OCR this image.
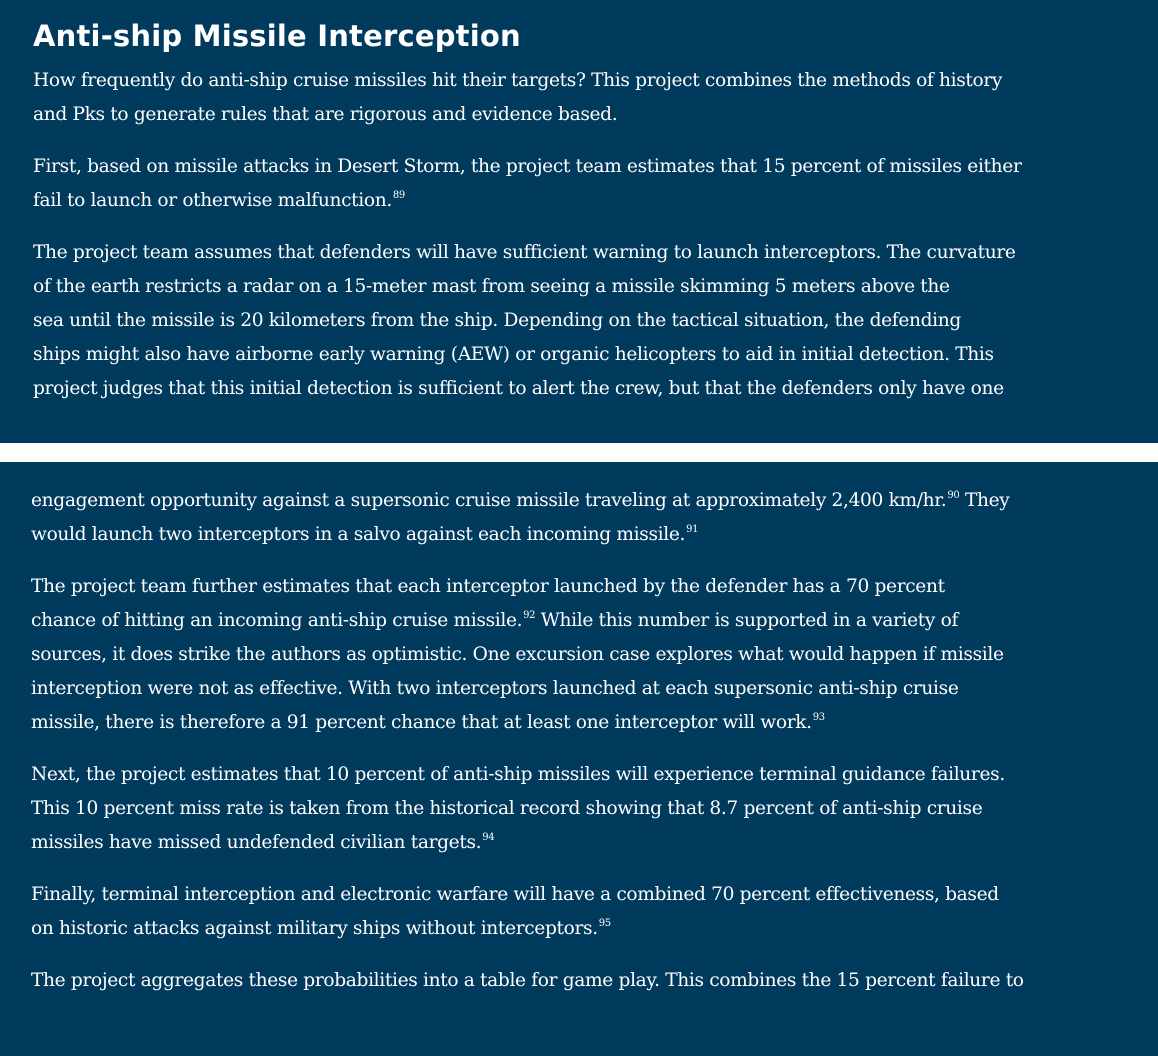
Anti-ship Missile Interception

How frequently do anti-ship cruise missiles hit their targets? This project combines the methods of history
and Pks to generate rules that are rigorous and evidence based.

First, based on missile attacks in Desert Storm, the project team estimates that 15 percent of missiles either
fail to launch or otherwise malfunction.$^{89}$

The project team assumes that defenders will have sufficient warning to launch interceptors. The curvature
of the earth restricts a radar on a 15-meter mast from seeing a missile skimming 5 meters above the
sea until the missile is 20 kilometers from the ship. Depending on the tactical situation, the defending
ships might also have airborne early warning (AEW) or organic helicopters to aid in initial detection. This
project judges that this initial detection is sufficient to alert the crew, but that the defenders only have one

engagement opportunity against a supersonic cruise missile traveling at approximately 2,400 km/hr.$^{90}$ They
would launch two interceptors in a salvo against each incoming missile.$^{91}$

The project team further estimates that each interceptor launched by the defender has a 70 percent
chance of hitting an incoming anti-ship cruise missile.$^{92}$ While this number is supported in a variety of
sources, it does strike the authors as optimistic. One excursion case explores what would happen if missile
interception were not as effective. With two interceptors launched at each supersonic anti-ship cruise
missile, there is therefore a 91 percent chance that at least one interceptor will work.$^{93}$

Next, the project estimates that 10 percent of anti-ship missiles will experience terminal guidance failures.
This 10 percent miss rate is taken from the historical record showing that 8.7 percent of anti-ship cruise
missiles have missed undefended civilian targets.$^{94}$

Finally, terminal interception and electronic warfare will have a combined 70 percent effectiveness, based
on historic attacks against military ships without interceptors.$^{95}$

The project aggregates these probabilities into a table for game play. This combines the 15 percent failure to
